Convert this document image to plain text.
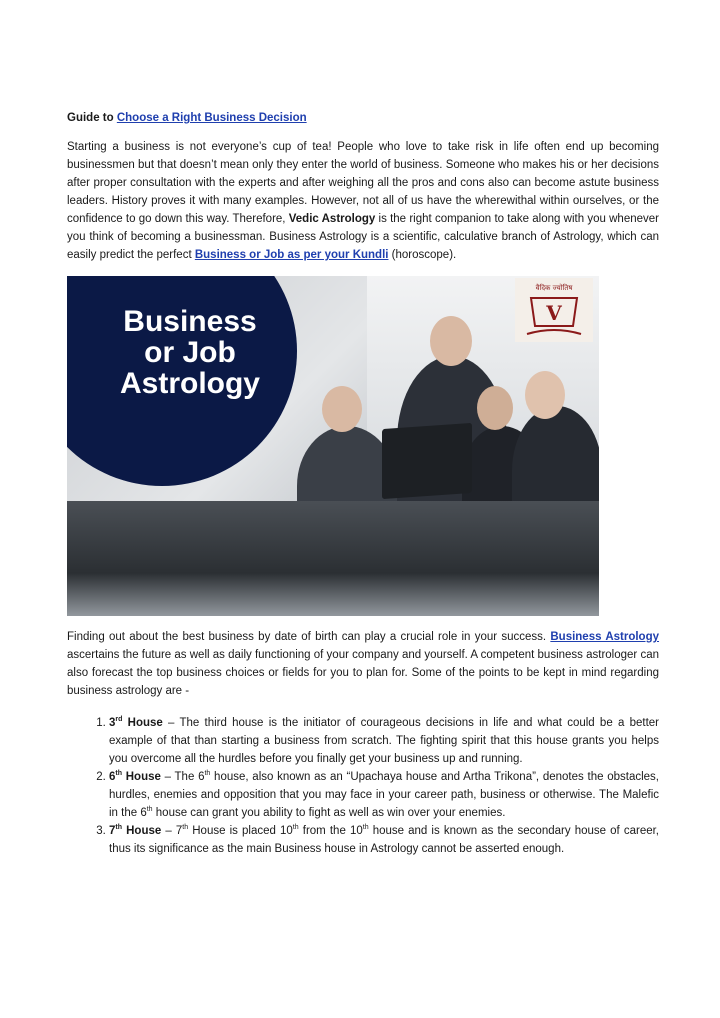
Guide to Choose a Right Business Decision

Starting a business is not everyone’s cup of tea! People who love to take risk in life often end up becoming businessmen but that doesn’t mean only they enter the world of business. Someone who makes his or her decisions after proper consultation with the experts and after weighing all the pros and cons also can become astute business leaders. History proves it with many examples. However, not all of us have the wherewithal within ourselves, or the confidence to go down this way. Therefore, Vedic Astrology is the right companion to take along with you whenever you think of becoming a businessman. Business Astrology is a scientific, calculative branch of Astrology, which can easily predict the perfect Business or Job as per your Kundli (horoscope).

Business
or Job
Astrology
वैदिक ज्योतिष
V

Finding out about the best business by date of birth can play a crucial role in your success. Business Astrology ascertains the future as well as daily functioning of your company and yourself. A competent business astrologer can also forecast the top business choices or fields for you to plan for. Some of the points to be kept in mind regarding business astrology are -

1. 3rd House – The third house is the initiator of courageous decisions in life and what could be a better example of that than starting a business from scratch. The fighting spirit that this house grants you helps you overcome all the hurdles before you finally get your business up and running.
2. 6th House – The 6th house, also known as an “Upachaya house and Artha Trikona”, denotes the obstacles, hurdles, enemies and opposition that you may face in your career path, business or otherwise. The Malefic in the 6th house can grant you ability to fight as well as win over your enemies.
3. 7th House – 7th House is placed 10th from the 10th house and is known as the secondary house of career, thus its significance as the main Business house in Astrology cannot be asserted enough.
